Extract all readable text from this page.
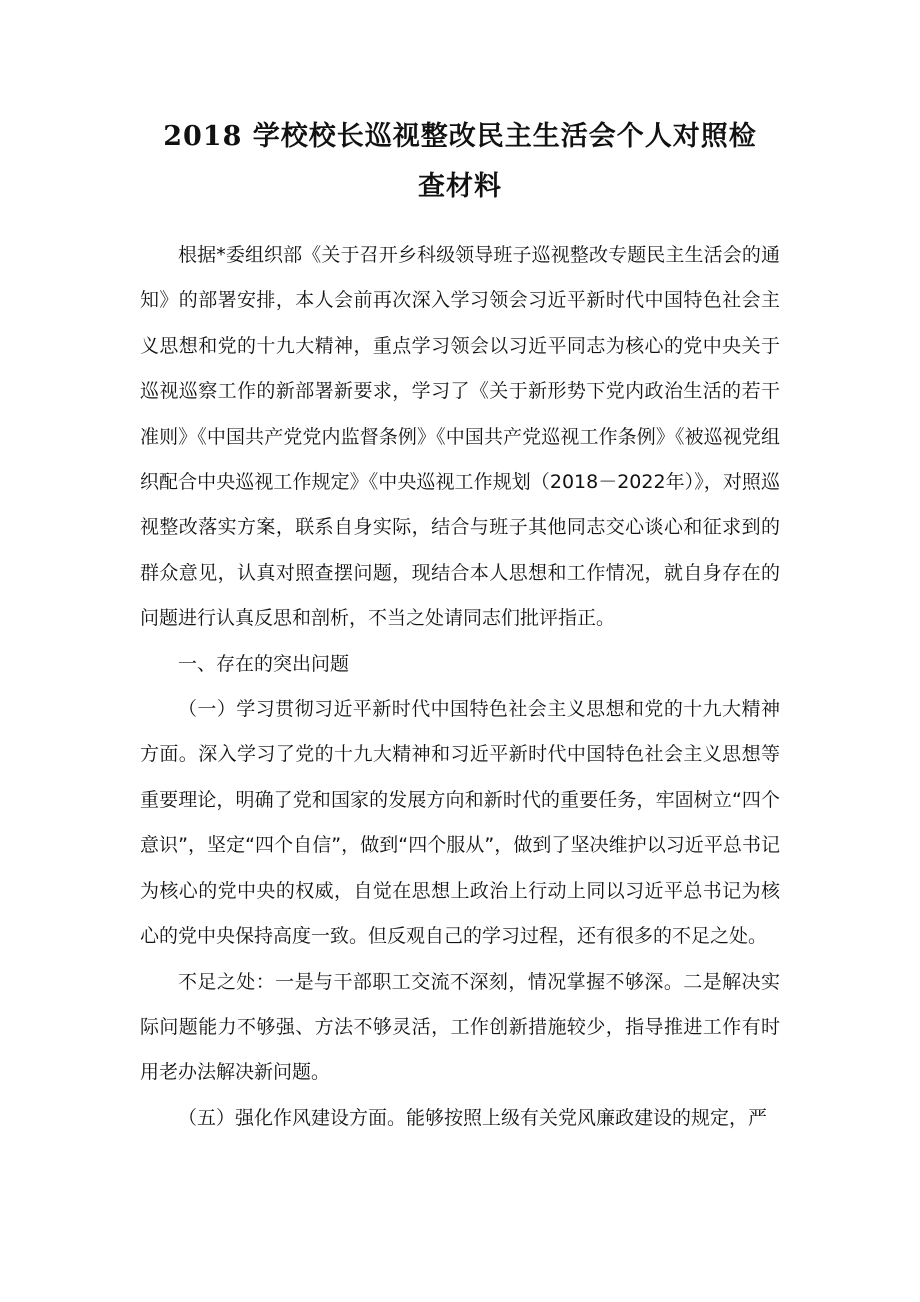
2018 学校校长巡视整改民主生活会个人对照检
查材料

根据*委组织部《关于召开乡科级领导班子巡视整改专题民主生活会的通知》的部署安排，本人会前再次深入学习领会习近平新时代中国特色社会主义思想和党的十九大精神，重点学习领会以习近平同志为核心的党中央关于巡视巡察工作的新部署新要求，学习了《关于新形势下党内政治生活的若干准则》《中国共产党党内监督条例》《中国共产党巡视工作条例》《被巡视党组织配合中央巡视工作规定》《中央巡视工作规划（2018－2022年）》，对照巡视整改落实方案，联系自身实际，结合与班子其他同志交心谈心和征求到的群众意见，认真对照查摆问题，现结合本人思想和工作情况，就自身存在的问题进行认真反思和剖析，不当之处请同志们批评指正。

一、存在的突出问题

（一）学习贯彻习近平新时代中国特色社会主义思想和党的十九大精神方面。深入学习了党的十九大精神和习近平新时代中国特色社会主义思想等重要理论，明确了党和国家的发展方向和新时代的重要任务，牢固树立“四个意识”，坚定“四个自信”，做到“四个服从”，做到了坚决维护以习近平总书记为核心的党中央的权威，自觉在思想上政治上行动上同以习近平总书记为核心的党中央保持高度一致。但反观自己的学习过程，还有很多的不足之处。

不足之处：一是与干部职工交流不深刻，情况掌握不够深。二是解决实际问题能力不够强、方法不够灵活，工作创新措施较少，指导推进工作有时用老办法解决新问题。

（五）强化作风建设方面。能够按照上级有关党风廉政建设的规定，严
